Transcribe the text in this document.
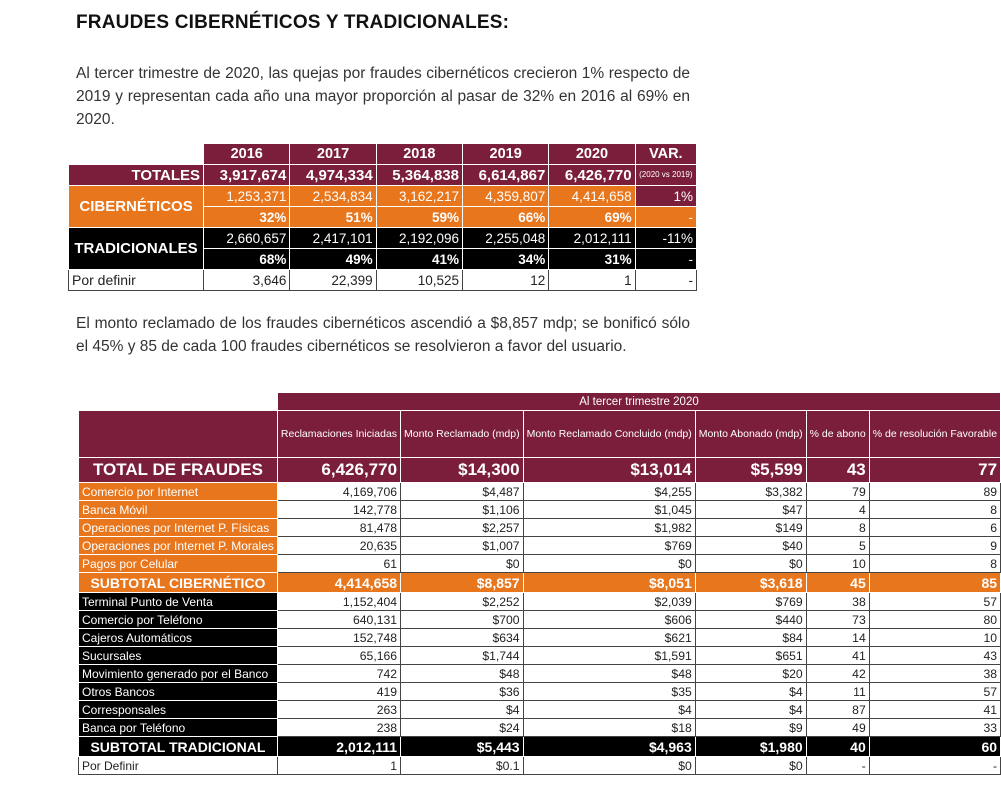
FRAUDES CIBERNÉTICOS Y TRADICIONALES:
Al tercer trimestre de 2020, las quejas por fraudes cibernéticos crecieron 1% respecto de 2019 y representan cada año una mayor proporción al pasar de 32% en 2016 al 69% en 2020.
	2016	2017	2018	2019	2020	VAR.
TOTALES	3,917,674	4,974,334	5,364,838	6,614,867	6,426,770	(2020 vs 2019)

CIBERNÉTICOS	1,253,371	2,534,834	3,162,217	4,359,807	4,414,658	1%
	32%	51%	59%	66%	69%	-
TRADICIONALES	2,660,657	2,417,101	2,192,096	2,255,048	2,012,111	-11%
	68%	49%	41%	34%	31%	-
Por definir	3,646	22,399	10,525	12	1	-
El monto reclamado de los fraudes cibernéticos ascendió a $8,857 mdp; se bonificó sólo el 45% y 85 de cada 100 fraudes cibernéticos se resolvieron a favor del usuario.
	Al tercer trimestre 2020					
	Reclamaciones Iniciadas	Monto Reclamado (mdp)	Monto Reclamado Concluido (mdp)	Monto Abonado (mdp)	% de abono	% de resolución Favorable
TOTAL DE FRAUDES	6,426,770	$14,300	$13,014	$5,599	43	77
Comercio por Internet	4,169,706	$4,487	$4,255	$3,382	79	89
Banca Móvil	142,778	$1,106	$1,045	$47	4	8
Operaciones por Internet P. Físicas	81,478	$2,257	$1,982	$149	8	6
Operaciones por Internet P. Morales	20,635	$1,007	$769	$40	5	9
Pagos por Celular	61	$0	$0	$0	10	8
SUBTOTAL CIBERNÉTICO	4,414,658	$8,857	$8,051	$3,618	45	85
Terminal Punto de Venta	1,152,404	$2,252	$2,039	$769	38	57
Comercio por Teléfono	640,131	$700	$606	$440	73	80
Cajeros Automáticos	152,748	$634	$621	$84	14	10
Sucursales	65,166	$1,744	$1,591	$651	41	43
Movimiento generado por el Banco	742	$48	$48	$20	42	38
Otros Bancos	419	$36	$35	$4	11	57
Corresponsales	263	$4	$4	$4	87	41
Banca por Teléfono	238	$24	$18	$9	49	33
SUBTOTAL TRADICIONAL	2,012,111	$5,443	$4,963	$1,980	40	60
Por Definir	1	$0.1	$0	$0	-	-
